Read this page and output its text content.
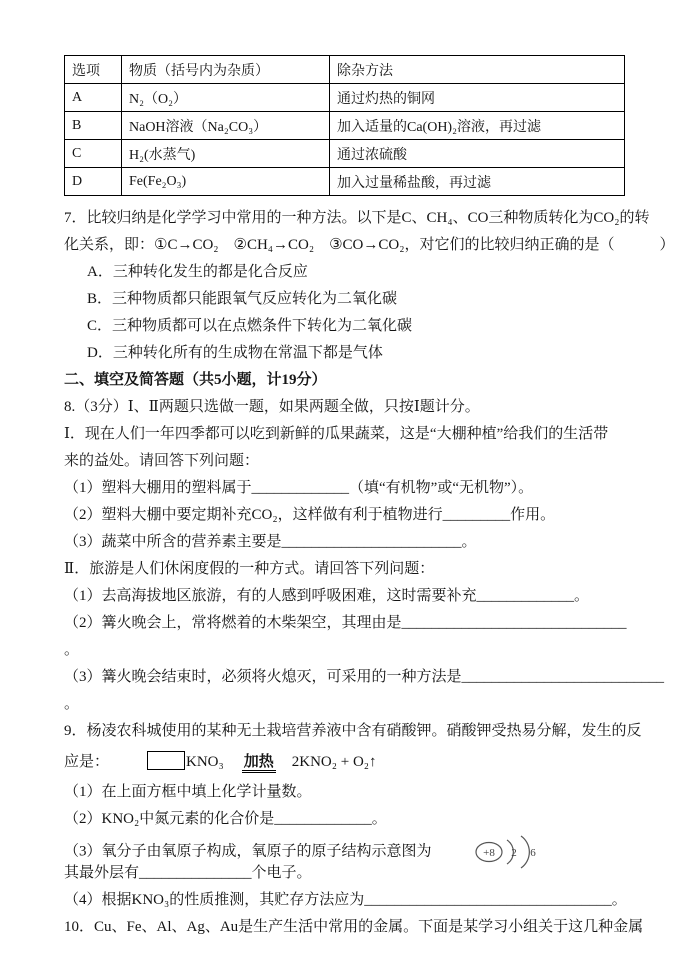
选项	物质（括号内为杂质）	除杂方法
A	N₂（O₂）	通过灼热的铜网
B	NaOH溶液（Na₂CO₃）	加入适量的Ca(OH)₂溶液，再过滤
C	H₂(水蒸气)	通过浓硫酸
D	Fe(Fe₂O₃)	加入过量稀盐酸，再过滤
7．比较归纳是化学学习中常用的一种方法。以下是C、CH₄、CO三种物质转化为CO₂的转
化关系，即：①C→CO₂　②CH₄→CO₂　③CO→CO₂，对它们的比较归纳正确的是（　　　）
A．三种转化发生的都是化合反应
B．三种物质都只能跟氧气反应转化为二氧化碳
C．三种物质都可以在点燃条件下转化为二氧化碳
D．三种转化所有的生成物在常温下都是气体
二、填空及简答题（共5小题，计19分）
8.（3分）Ⅰ、Ⅱ两题只选做一题，如果两题全做，只按Ⅰ题计分。
Ⅰ．现在人们一年四季都可以吃到新鲜的瓜果蔬菜，这是“大棚种植”给我们的生活带
来的益处。请回答下列问题：
（1）塑料大棚用的塑料属于_____________（填“有机物”或“无机物”）。
（2）塑料大棚中要定期补充CO₂，这样做有利于植物进行_________作用。
（3）蔬菜中所含的营养素主要是________________________。
Ⅱ．旅游是人们休闲度假的一种方式。请回答下列问题：
（1）去高海拔地区旅游，有的人感到呼吸困难，这时需要补充_____________。
（2）篝火晚会上，常将燃着的木柴架空，其理由是______________________________
。
（3）篝火晚会结束时，必须将火熄灭，可采用的一种方法是___________________________
。
9．杨凌农科城使用的某种无土栽培营养液中含有硝酸钾。硝酸钾受热易分解，发生的反
应是：	KNO₃ 加热 2KNO₂ + O₂↑
（1）在上面方框中填上化学计量数。
（2）KNO₂中氮元素的化合价是_____________。
（3）氧分子由氧原子构成，氧原子的原子结构示意图为	+8 2 6
其最外层有_______________个电子。
（4）根据KNO₃的性质推测，其贮存方法应为_________________________________。
10．Cu、Fe、Al、Ag、Au是生产生活中常用的金属。下面是某学习小组关于这几种金属
